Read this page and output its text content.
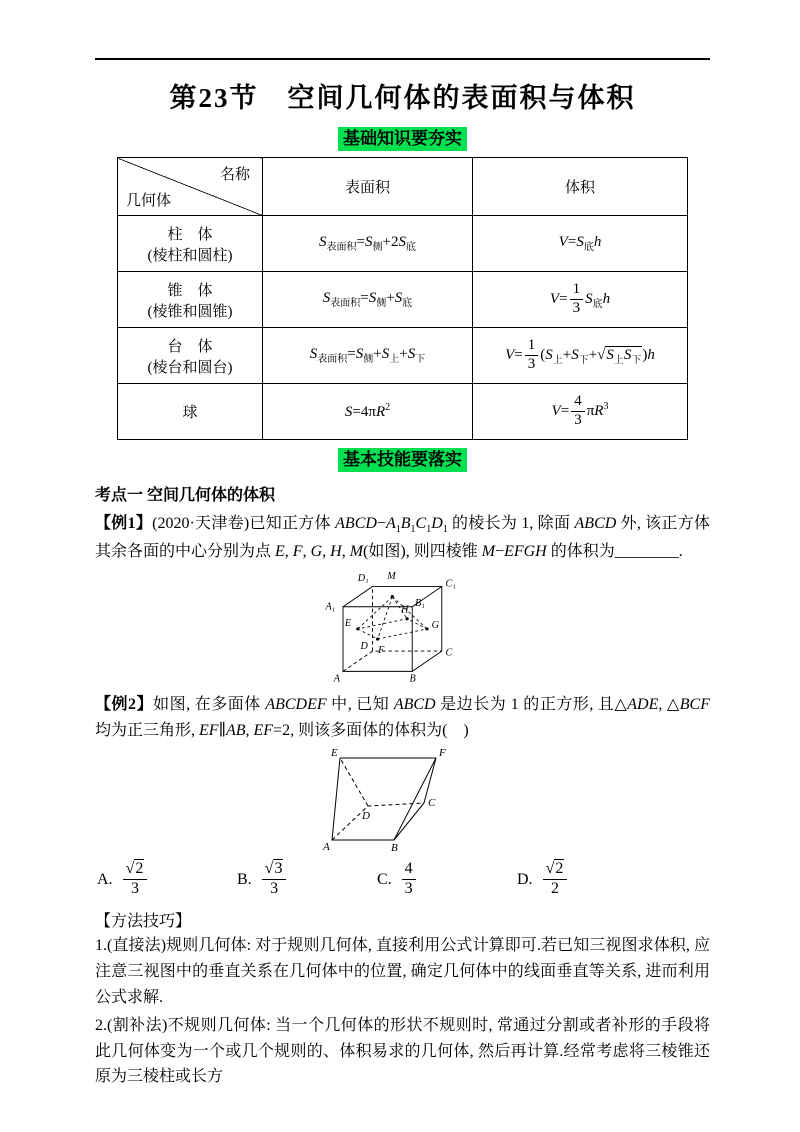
第23节　空间几何体的表面积与体积
基础知识要夯实
名称
几何体	表面积	体积

柱　体
(棱柱和圆柱)	$S_{表面积}=S_侧+2S_底$	$V=S_底h$

锥　体
(棱锥和圆锥)	$S_{表面积}=S_侧+S_底$	$V= \frac{1}{3} S_底h$

台　体
(棱台和圆台)	$S_{表面积}=S_侧+S_上+S_下$	$V= \frac{1}{3} (S_上+S_下+√S_上S_下)h$

球	$S=4\pi R^2$	$V= \frac{4}{3} \pi R^3$
基本技能要落实
考点一 空间几何体的体积

【例1】(2020·天津卷)已知正方体 $ABCD-A_1B_1C_1D_1$ 的棱长为 1, 除面 ABCD 外, 该正方体其余各面的中心分别为点 E, F, G, H, M(如图), 则四棱锥 M−EFGH 的体积为________.

A	B
C
D
A₁	B₁
C₁
D₁ M
E
F
G
H

【例2】如图, 在多面体 ABCDEF 中, 已知 ABCD 是边长为 1 的正方形, 且△ADE, △BCF 均为正三角形, EF∥AB, EF=2, 则该多面体的体积为(    )

E	F
A	B
C
D
A. $\frac{√2}{3}$	B. $\frac{√3}{3}$	C. $\frac{4}{3}$	D. $\frac{√2}{2}$
【方法技巧】

1.(直接法)规则几何体: 对于规则几何体, 直接利用公式计算即可.若已知三视图求体积, 应注意三视图中的垂直关系在几何体中的位置, 确定几何体中的线面垂直等关系, 进而利用公式求解.

2.(割补法)不规则几何体: 当一个几何体的形状不规则时, 常通过分割或者补形的手段将此几何体变为一个或几个规则的、体积易求的几何体, 然后再计算.经常考虑将三棱锥还原为三棱柱或长方
